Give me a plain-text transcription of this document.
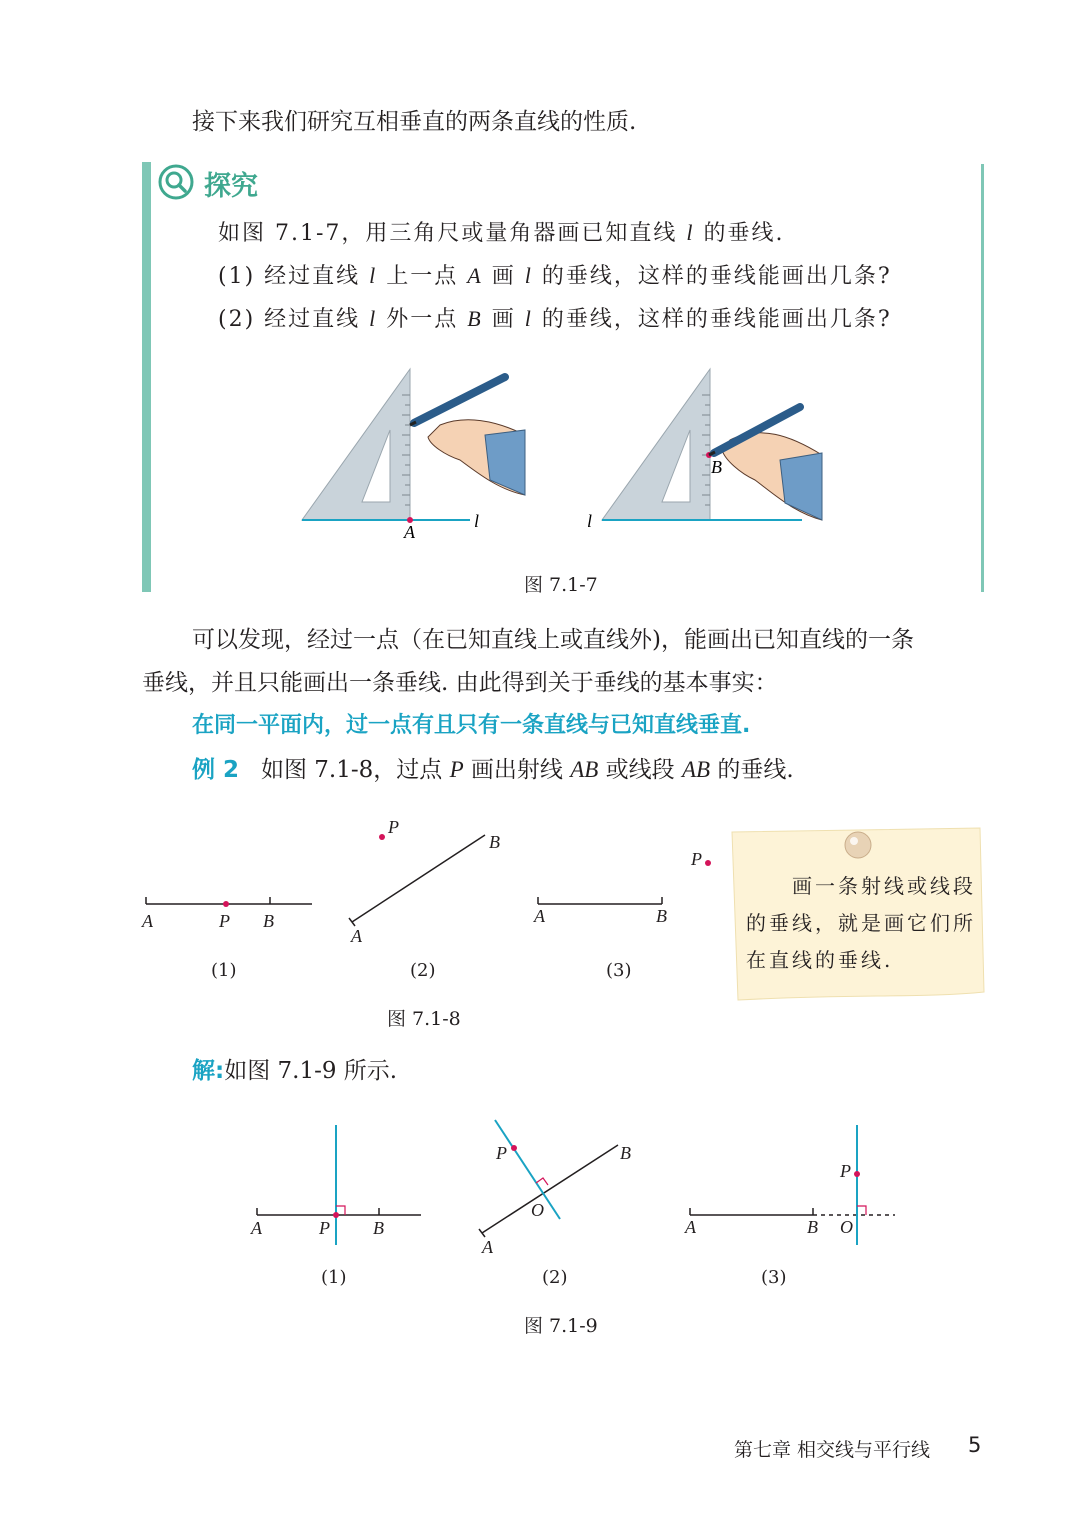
接下来我们研究互相垂直的两条直线的性质.
探究
如图 7.1-7，用三角尺或量角器画已知直线 l 的垂线.
(1) 经过直线 l 上一点 A 画 l 的垂线，这样的垂线能画出几条?
(2) 经过直线 l 外一点 B 画 l 的垂线，这样的垂线能画出几条?
A
l
B
l
图 7.1-7
可以发现，经过一点（在已知直线上或直线外)，能画出已知直线的一条
垂线，并且只能画出一条垂线. 由此得到关于垂线的基本事实：
在同一平面内，过一点有且只有一条直线与已知直线垂直.
例 2 如图 7.1-8，过点 P 画出射线 AB 或线段 AB 的垂线.
A	P B
P
B
A
P
A	B
(1)	(2)	(3)
图 7.1-8
画一条射线或线段
的垂线，就是画它们所
在直线的垂线.
解:如图 7.1-9 所示.
A	P B
P	B
O
A
P
A	B O
(1)	(2)	(3)
图 7.1-9
第七章 相交线与平行线 5
